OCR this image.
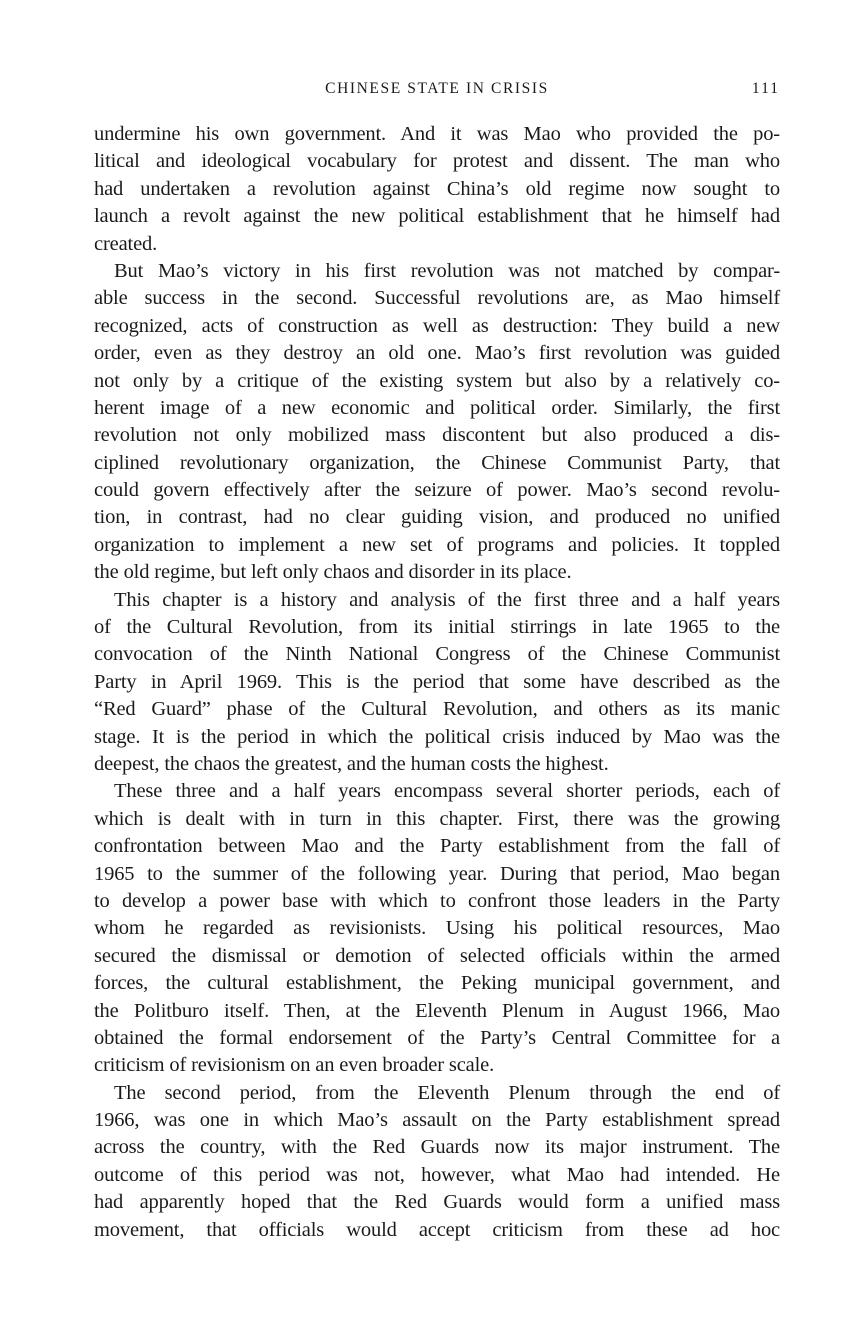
CHINESE STATE IN CRISIS	111
undermine his own government. And it was Mao who provided the po-
litical and ideological vocabulary for protest and dissent. The man who
had undertaken a revolution against China’s old regime now sought to
launch a revolt against the new political establishment that he himself had
created.
But Mao’s victory in his first revolution was not matched by compar-
able success in the second. Successful revolutions are, as Mao himself
recognized, acts of construction as well as destruction: They build a new
order, even as they destroy an old one. Mao’s first revolution was guided
not only by a critique of the existing system but also by a relatively co-
herent image of a new economic and political order. Similarly, the first
revolution not only mobilized mass discontent but also produced a dis-
ciplined revolutionary organization, the Chinese Communist Party, that
could govern effectively after the seizure of power. Mao’s second revolu-
tion, in contrast, had no clear guiding vision, and produced no unified
organization to implement a new set of programs and policies. It toppled
the old regime, but left only chaos and disorder in its place.
This chapter is a history and analysis of the first three and a half years
of the Cultural Revolution, from its initial stirrings in late 1965 to the
convocation of the Ninth National Congress of the Chinese Communist
Party in April 1969. This is the period that some have described as the
“Red Guard” phase of the Cultural Revolution, and others as its manic
stage. It is the period in which the political crisis induced by Mao was the
deepest, the chaos the greatest, and the human costs the highest.
These three and a half years encompass several shorter periods, each of
which is dealt with in turn in this chapter. First, there was the growing
confrontation between Mao and the Party establishment from the fall of
1965 to the summer of the following year. During that period, Mao began
to develop a power base with which to confront those leaders in the Party
whom he regarded as revisionists. Using his political resources, Mao
secured the dismissal or demotion of selected officials within the armed
forces, the cultural establishment, the Peking municipal government, and
the Politburo itself. Then, at the Eleventh Plenum in August 1966, Mao
obtained the formal endorsement of the Party’s Central Committee for a
criticism of revisionism on an even broader scale.
The second period, from the Eleventh Plenum through the end of
1966, was one in which Mao’s assault on the Party establishment spread
across the country, with the Red Guards now its major instrument. The
outcome of this period was not, however, what Mao had intended. He
had apparently hoped that the Red Guards would form a unified mass
movement, that officials would accept criticism from these ad hoc
